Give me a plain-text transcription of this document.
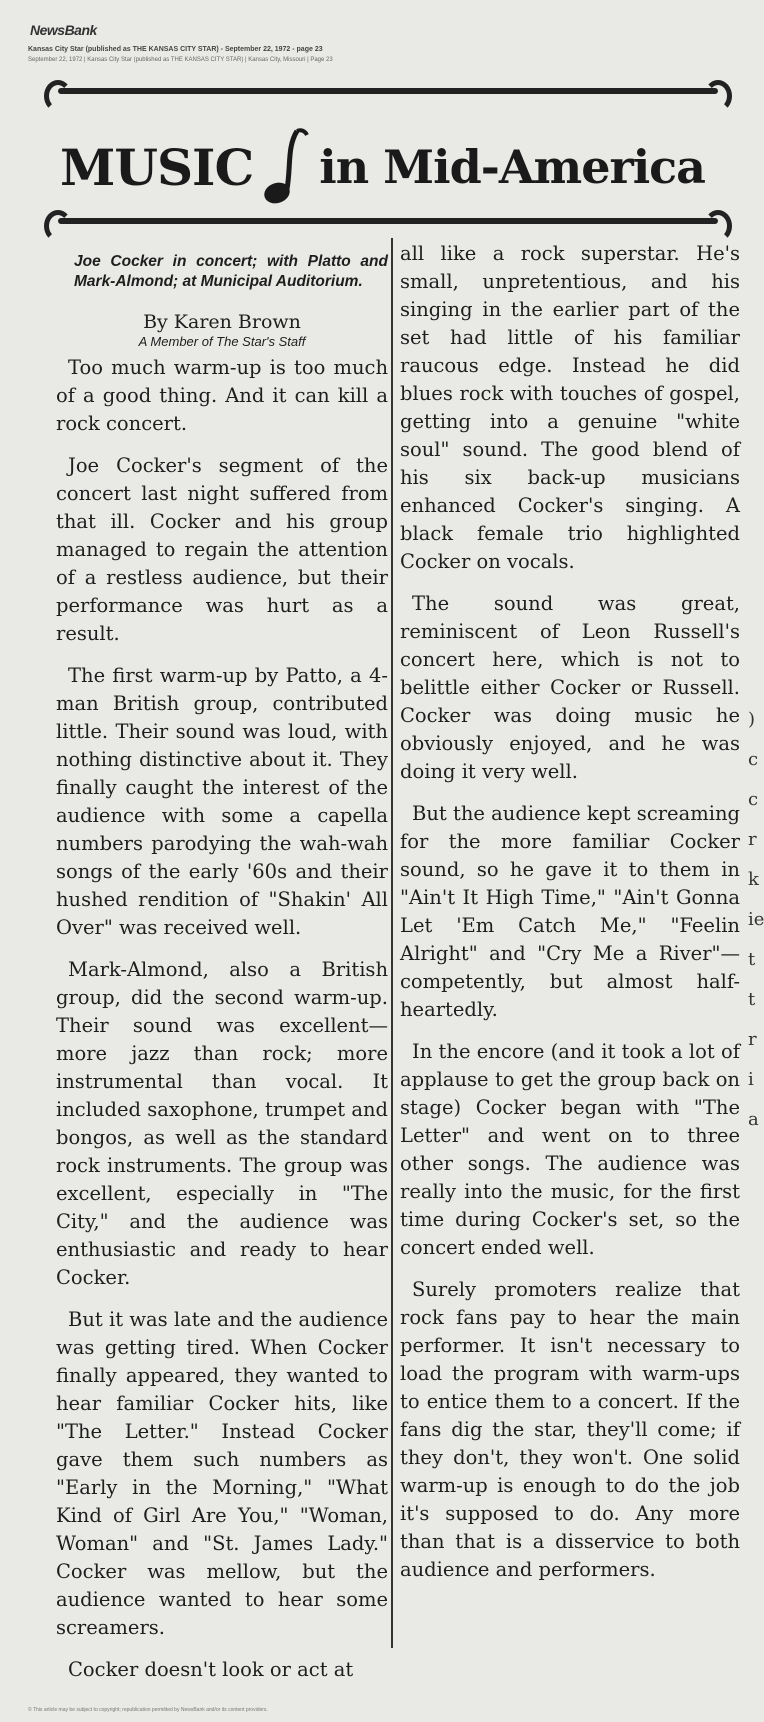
NewsBank
Kansas City Star (published as THE KANSAS CITY STAR) - September 22, 1972 - page 23
September 22, 1972 | Kansas City Star (published as THE KANSAS CITY STAR) | Kansas City, Missouri | Page 23
MUSIC in Mid-America
Joe Cocker in concert; with Platto and Mark-Almond; at Municipal Auditorium.
By Karen Brown
A Member of The Star's Staff

Too much warm-up is too much of a good thing. And it can kill a rock concert.

Joe Cocker's segment of the concert last night suffered from that ill. Cocker and his group managed to regain the attention of a restless audience, but their performance was hurt as a result.

The first warm-up by Patto, a 4-man British group, contributed little. Their sound was loud, with nothing distinctive about it. They finally caught the interest of the audience with some a capella numbers parodying the wah-wah songs of the early '60s and their hushed rendition of "Shakin' All Over" was received well.

Mark-Almond, also a British group, did the second warm-up. Their sound was excellent— more jazz than rock; more instrumental than vocal. It included saxophone, trumpet and bongos, as well as the standard rock instruments. The group was excellent, especially in "The City," and the audience was enthusiastic and ready to hear Cocker.

But it was late and the audience was getting tired. When Cocker finally appeared, they wanted to hear familiar Cocker hits, like "The Letter." Instead Cocker gave them such numbers as "Early in the Morning," "What Kind of Girl Are You," "Woman, Woman" and "St. James Lady." Cocker was mellow, but the audience wanted to hear some screamers.

Cocker doesn't look or act at

all like a rock superstar. He's small, unpretentious, and his singing in the earlier part of the set had little of his familiar raucous edge. Instead he did blues rock with touches of gospel, getting into a genuine "white soul" sound. The good blend of his six back-up musicians enhanced Cocker's singing. A black female trio highlighted Cocker on vocals.

The sound was great, reminiscent of Leon Russell's concert here, which is not to belittle either Cocker or Russell. Cocker was doing music he obviously enjoyed, and he was doing it very well.

But the audience kept screaming for the more familiar Cocker sound, so he gave it to them in "Ain't It High Time," "Ain't Gonna Let 'Em Catch Me," "Feelin Alright" and "Cry Me a River"—competently, but almost half-heartedly.

In the encore (and it took a lot of applause to get the group back on stage) Cocker began with "The Letter" and went on to three other songs. The audience was really into the music, for the first time during Cocker's set, so the concert ended well.

Surely promoters realize that rock fans pay to hear the main performer. It isn't necessary to load the program with warm-ups to entice them to a concert. If the fans dig the star, they'll come; if they don't, they won't. One solid warm-up is enough to do the job it's supposed to do. Any more than that is a disservice to both audience and performers.

)
c
c
r
k
ie
t
t
r
i
a
© This article may be subject to copyright; republication permitted by NewsBank and/or its content providers.
